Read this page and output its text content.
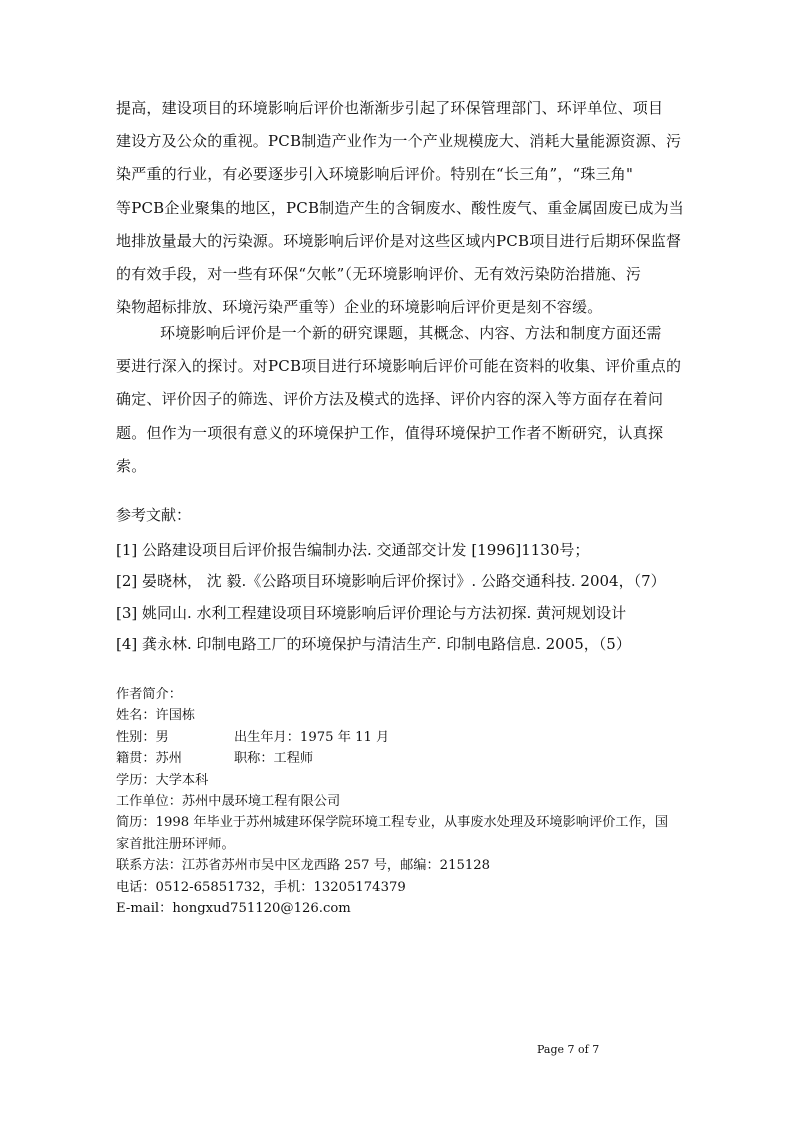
提高，建设项目的环境影响后评价也渐渐步引起了环保管理部门、环评单位、项目
建设方及公众的重视。PCB制造产业作为一个产业规模庞大、消耗大量能源资源、污
染严重的行业，有必要逐步引入环境影响后评价。特别在“长三角”，“珠三角"
等PCB企业聚集的地区，PCB制造产生的含铜废水、酸性废气、重金属固废已成为当
地排放量最大的污染源。环境影响后评价是对这些区域内PCB项目进行后期环保监督
的有效手段，对一些有环保“欠帐”（无环境影响评价、无有效污染防治措施、污
染物超标排放、环境污染严重等）企业的环境影响后评价更是刻不容缓。
环境影响后评价是一个新的研究课题，其概念、内容、方法和制度方面还需
要进行深入的探讨。对PCB项目进行环境影响后评价可能在资料的收集、评价重点的
确定、评价因子的筛选、评价方法及模式的选择、评价内容的深入等方面存在着问
题。但作为一项很有意义的环境保护工作，值得环境保护工作者不断研究，认真探
索。
参考文献：
[1] 公路建设项目后评价报告编制办法. 交通部交计发 [1996]1130号；
[2] 晏晓林， 沈 毅.《公路项目环境影响后评价探讨》. 公路交通科技. 2004，（7）
[3] 姚同山. 水利工程建设项目环境影响后评价理论与方法初探. 黄河规划设计
[4] 龚永林. 印制电路工厂的环境保护与清洁生产. 印制电路信息. 2005，（5）
作者简介：
姓名：许国栋
性别：男	出生年月：1975 年 11 月
籍贯：苏州	职称：工程师
学历：大学本科
工作单位：苏州中晟环境工程有限公司
简历：1998 年毕业于苏州城建环保学院环境工程专业，从事废水处理及环境影响评价工作，国
家首批注册环评师。
联系方法：江苏省苏州市吴中区龙西路 257 号，邮编：215128
电话：0512-65851732，手机：13205174379
E-mail：hongxud751120@126.com
Page 7 of 7
